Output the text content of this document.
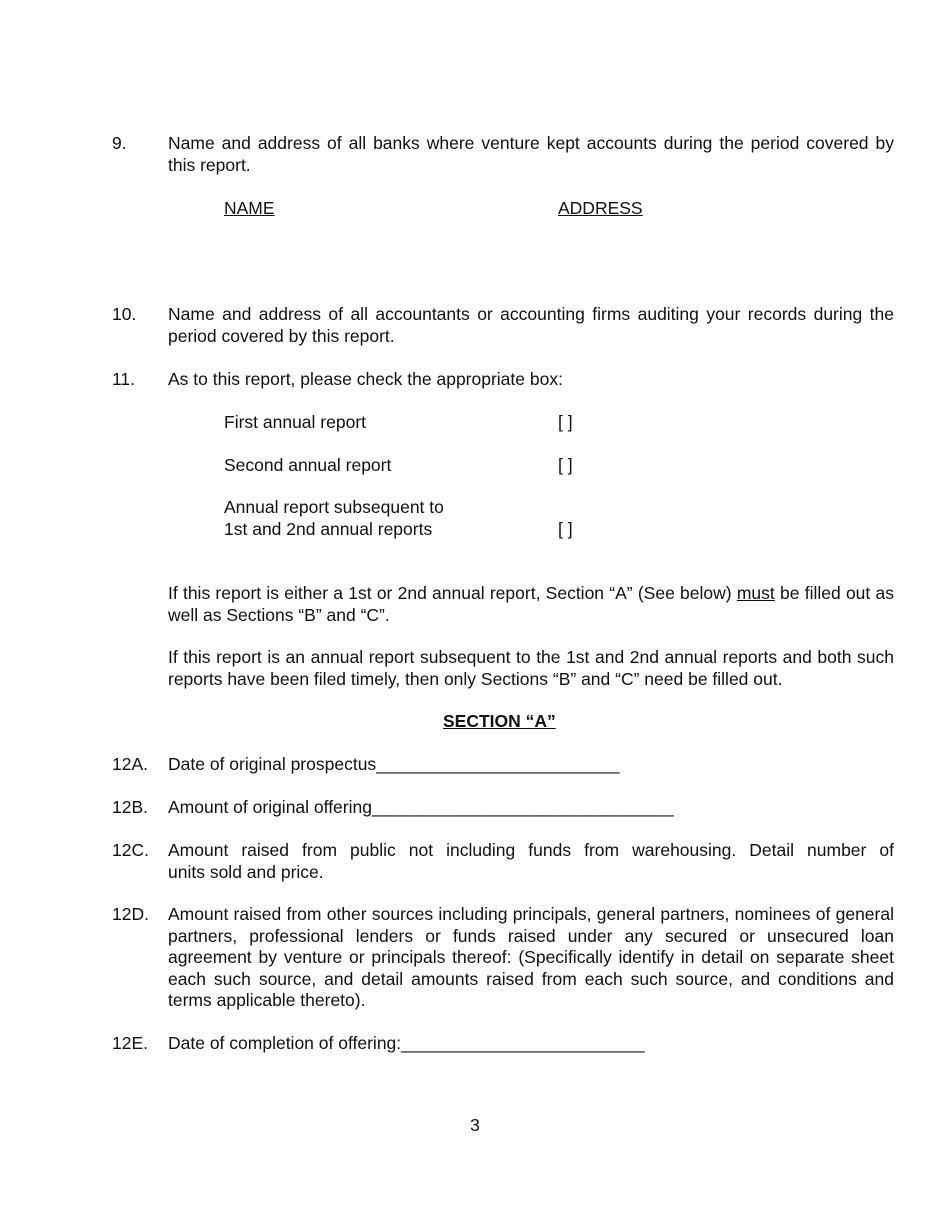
9. Name and address of all banks where venture kept accounts during the period covered by this report.
NAME	ADDRESS
10. Name and address of all accountants or accounting firms auditing your records during the period covered by this report.
11. As to this report, please check the appropriate box:
First annual report	[ ]
Second annual report	[ ]
Annual report subsequent to
1st and 2nd annual reports	[ ]
If this report is either a 1st or 2nd annual report, Section “A” (See below) must be filled out as well as Sections “B” and “C”.
If this report is an annual report subsequent to the 1st and 2nd annual reports and both such reports have been filed timely, then only Sections “B” and “C” need be filled out.
SECTION “A”
12A. Date of original prospectus_________________________
12B. Amount of original offering_______________________________
12C. Amount raised from public not including funds from warehousing. Detail number of
units sold and price.
12D. Amount raised from other sources including principals, general partners, nominees of general partners, professional lenders or funds raised under any secured or unsecured loan agreement by venture or principals thereof: (Specifically identify in detail on separate sheet each such source, and detail amounts raised from each such source, and conditions and terms applicable thereto).
12E. Date of completion of offering:_________________________
3
